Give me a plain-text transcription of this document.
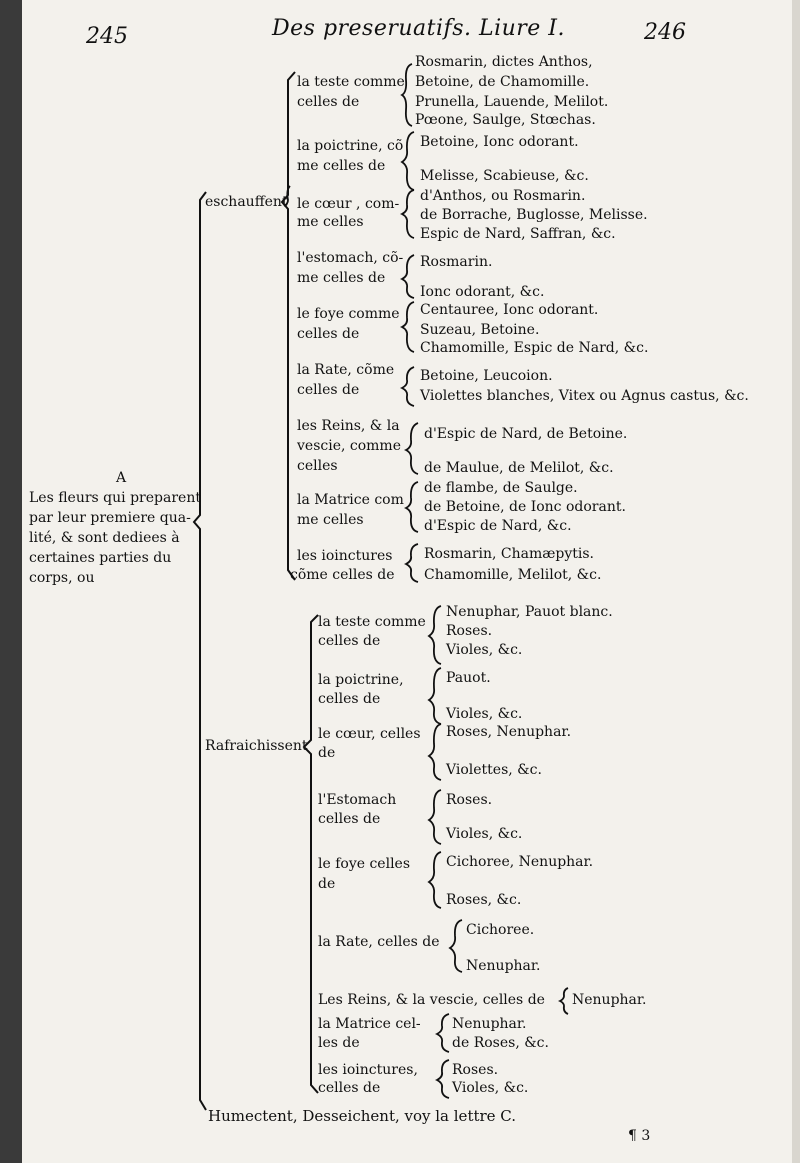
245	Des preseruatifs. Liure I.	246
A
Les fleurs qui preparent
par leur premiere qua-
lité, & sont dediees à
certaines parties du
corps, ou
eschauffent
la teste comme
celles de
Rosmarin, dictes Anthos,
Betoine, de Chamomille.
Prunella, Lauende, Melilot.
Pœone, Saulge, Stœchas.
la poictrine, cõ
me celles de
Betoine, Ionc odorant.
Melisse, Scabieuse, &c.
le cœur , com-
me celles
d'Anthos, ou Rosmarin.
de Borrache, Buglosse, Melisse.
Espic de Nard, Saffran, &c.
l'estomach, cõ-
me celles de
Rosmarin.
Ionc odorant, &c.
le foye comme
celles de
Centauree, Ionc odorant.
Suzeau, Betoine.
Chamomille, Espic de Nard, &c.
la Rate, cõme
celles de
Betoine, Leucoion.
Violettes blanches, Vitex ou Agnus castus, &c.
les Reins, & la
vescie, comme
celles
d'Espic de Nard, de Betoine.
de Maulue, de Melilot, &c.
la Matrice com
me celles
de flambe, de Saulge.
de Betoine, de Ionc odorant.
d'Espic de Nard, &c.
les ioinctures
cõme celles de
Rosmarin, Chamæpytis.
Chamomille, Melilot, &c.
Rafraichissent
la teste comme
celles de
Nenuphar, Pauot blanc.
Roses.
Violes, &c.
la poictrine,
celles de
Pauot.
Violes, &c.
le cœur, celles
de
Roses, Nenuphar.
Violettes, &c.
l'Estomach
celles de
Roses.
Violes, &c.
le foye celles
de
Cichoree, Nenuphar.
Roses, &c.
la Rate, celles de
Cichoree.
Nenuphar.
Les Reins, & la vescie, celles de Nenuphar.
la Matrice cel-
les de
Nenuphar.
de Roses, &c.
les ioinctures,
celles de
Roses.
Violes, &c.
Humectent, Desseichent, voy la lettre C.
¶ 3
